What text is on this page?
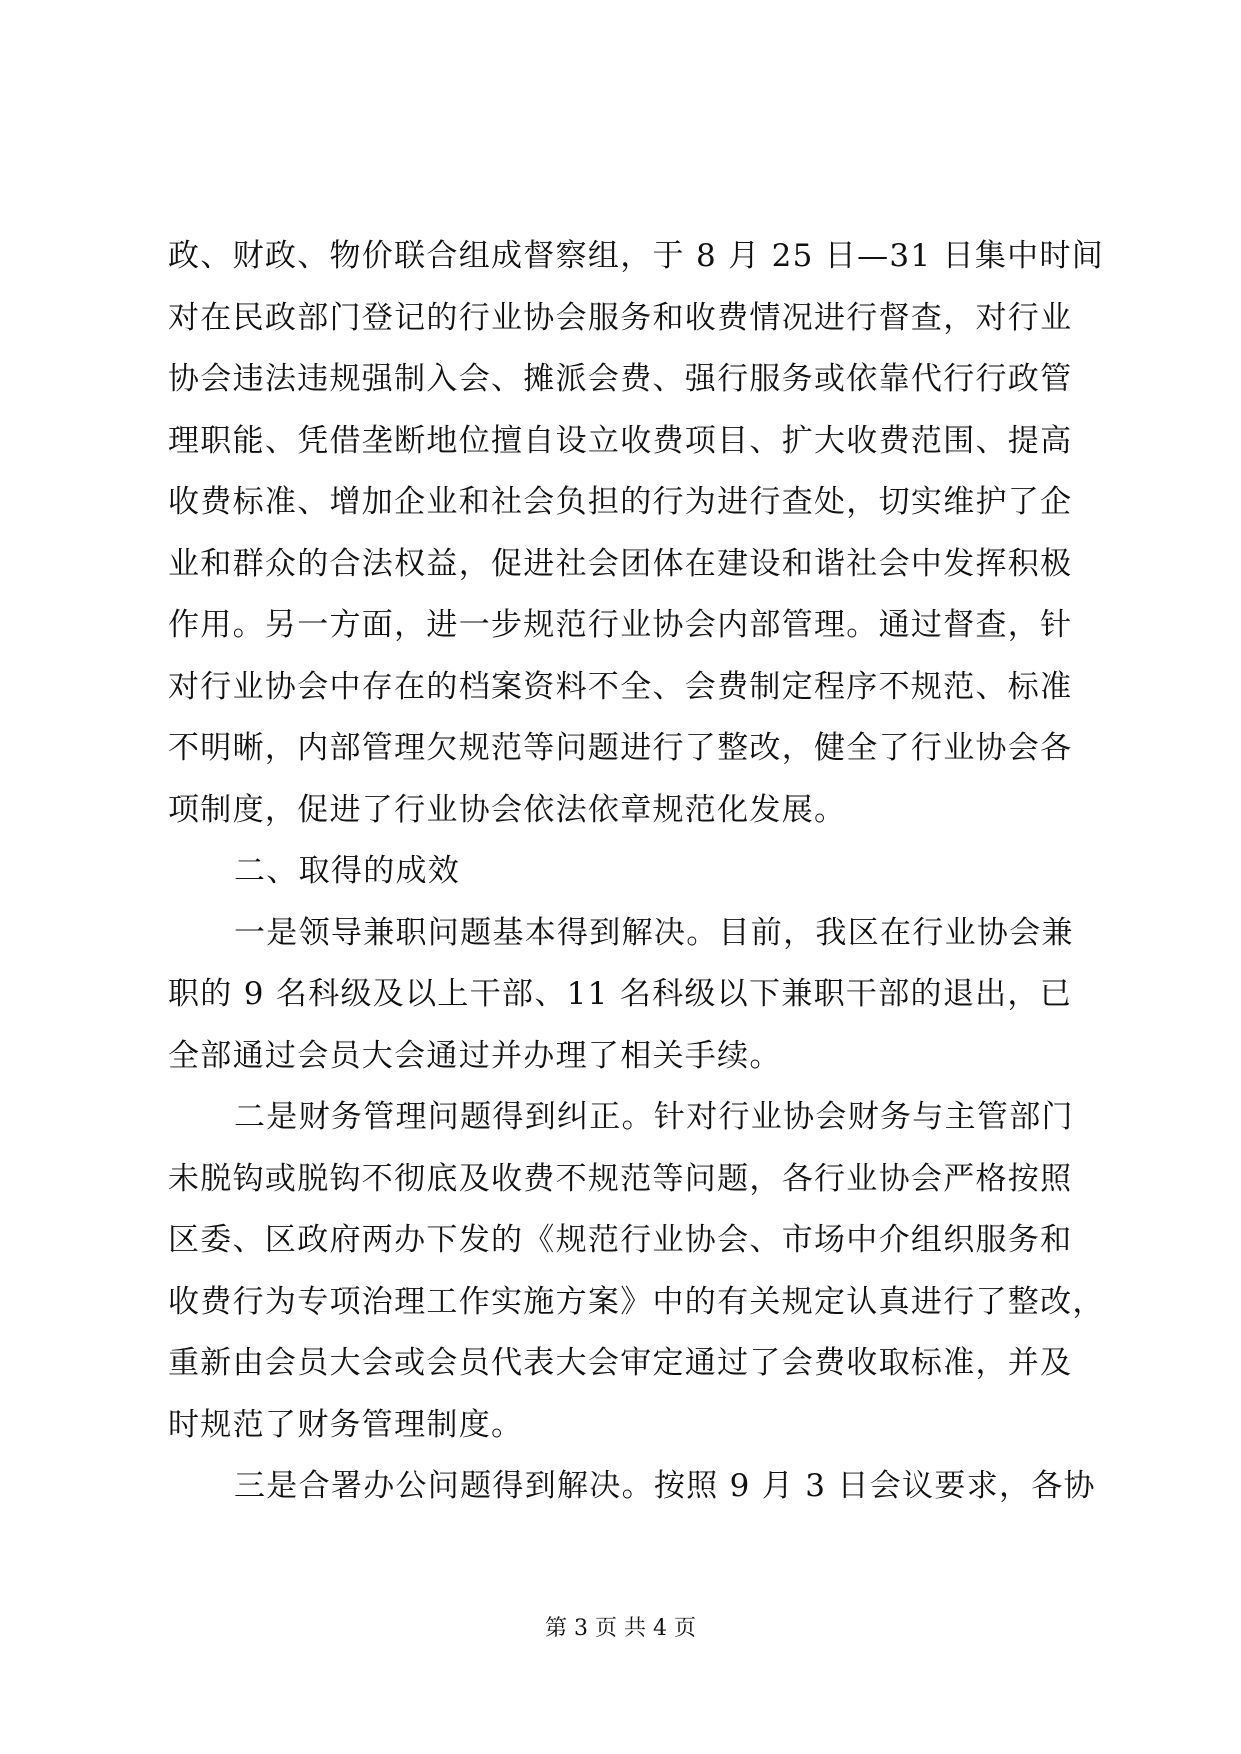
政、财政、物价联合组成督察组，于 8 月 25 日—31 日集中时间
对在民政部门登记的行业协会服务和收费情况进行督查，对行业
协会违法违规强制入会、摊派会费、强行服务或依靠代行行政管
理职能、凭借垄断地位擅自设立收费项目、扩大收费范围、提高
收费标准、增加企业和社会负担的行为进行查处，切实维护了企
业和群众的合法权益，促进社会团体在建设和谐社会中发挥积极
作用。另一方面，进一步规范行业协会内部管理。通过督查，针
对行业协会中存在的档案资料不全、会费制定程序不规范、标准
不明晰，内部管理欠规范等问题进行了整改，健全了行业协会各
项制度，促进了行业协会依法依章规范化发展。
二、取得的成效
一是领导兼职问题基本得到解决。目前，我区在行业协会兼
职的 9 名科级及以上干部、11 名科级以下兼职干部的退出，已
全部通过会员大会通过并办理了相关手续。
二是财务管理问题得到纠正。针对行业协会财务与主管部门
未脱钩或脱钩不彻底及收费不规范等问题，各行业协会严格按照
区委、区政府两办下发的《规范行业协会、市场中介组织服务和
收费行为专项治理工作实施方案》中的有关规定认真进行了整改，
重新由会员大会或会员代表大会审定通过了会费收取标准，并及
时规范了财务管理制度。
三是合署办公问题得到解决。按照 9 月 3 日会议要求，各协
第 3 页 共 4 页
